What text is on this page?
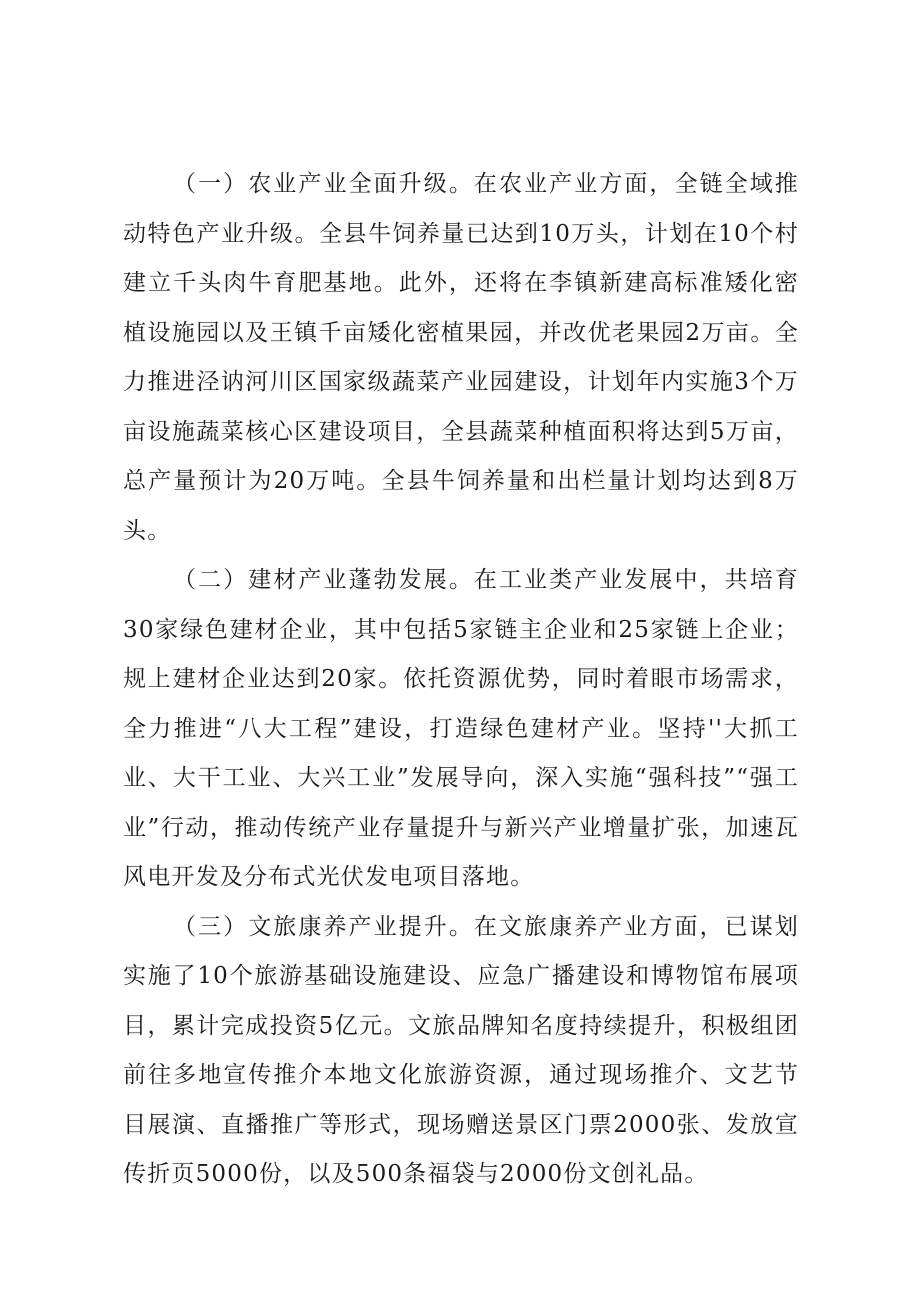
（一）农业产业全面升级。在农业产业方面，全链全域推动特色产业升级。全县牛饲养量已达到10万头，计划在10个村建立千头肉牛育肥基地。此外，还将在李镇新建高标准矮化密植设施园以及王镇千亩矮化密植果园，并改优老果园2万亩。全力推进泾讷河川区国家级蔬菜产业园建设，计划年内实施3个万亩设施蔬菜核心区建设项目，全县蔬菜种植面积将达到5万亩，总产量预计为20万吨。全县牛饲养量和出栏量计划均达到8万头。

（二）建材产业蓬勃发展。在工业类产业发展中，共培育30家绿色建材企业，其中包括5家链主企业和25家链上企业；规上建材企业达到20家。依托资源优势，同时着眼市场需求，全力推进“八大工程”建设，打造绿色建材产业。坚持''大抓工业、大干工业、大兴工业”发展导向，深入实施“强科技”“强工业”行动，推动传统产业存量提升与新兴产业增量扩张，加速瓦风电开发及分布式光伏发电项目落地。

（三）文旅康养产业提升。在文旅康养产业方面，已谋划实施了10个旅游基础设施建设、应急广播建设和博物馆布展项目，累计完成投资5亿元。文旅品牌知名度持续提升，积极组团前往多地宣传推介本地文化旅游资源，通过现场推介、文艺节目展演、直播推广等形式，现场赠送景区门票2000张、发放宣传折页5000份，以及500条福袋与2000份文创礼品。
